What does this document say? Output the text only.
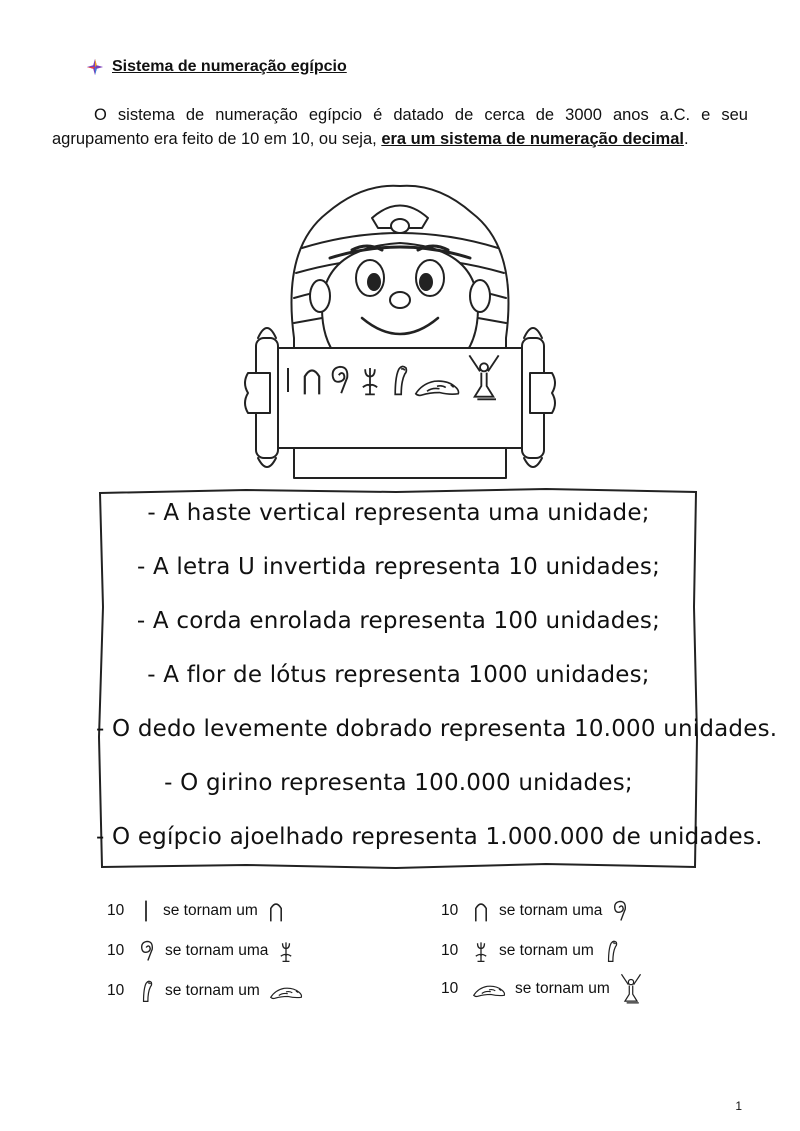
Sistema de numeração egípcio

O sistema de numeração egípcio é datado de cerca de 3000 anos a.C. e seu agrupamento era feito de 10 em 10, ou seja, era um sistema de numeração decimal.

- A haste vertical representa uma unidade;
- A letra U invertida representa 10 unidades;
- A corda enrolada representa 100 unidades;
- A flor de lótus representa 1000 unidades;
- O dedo levemente dobrado representa 10.000 unidades.
- O girino representa 100.000 unidades;
- O egípcio ajoelhado representa 1.000.000 de unidades.
10	se tornam um
10	se tornam uma
10	se tornam um
10	se tornam uma
10	se tornam um
10	se tornam um
1
